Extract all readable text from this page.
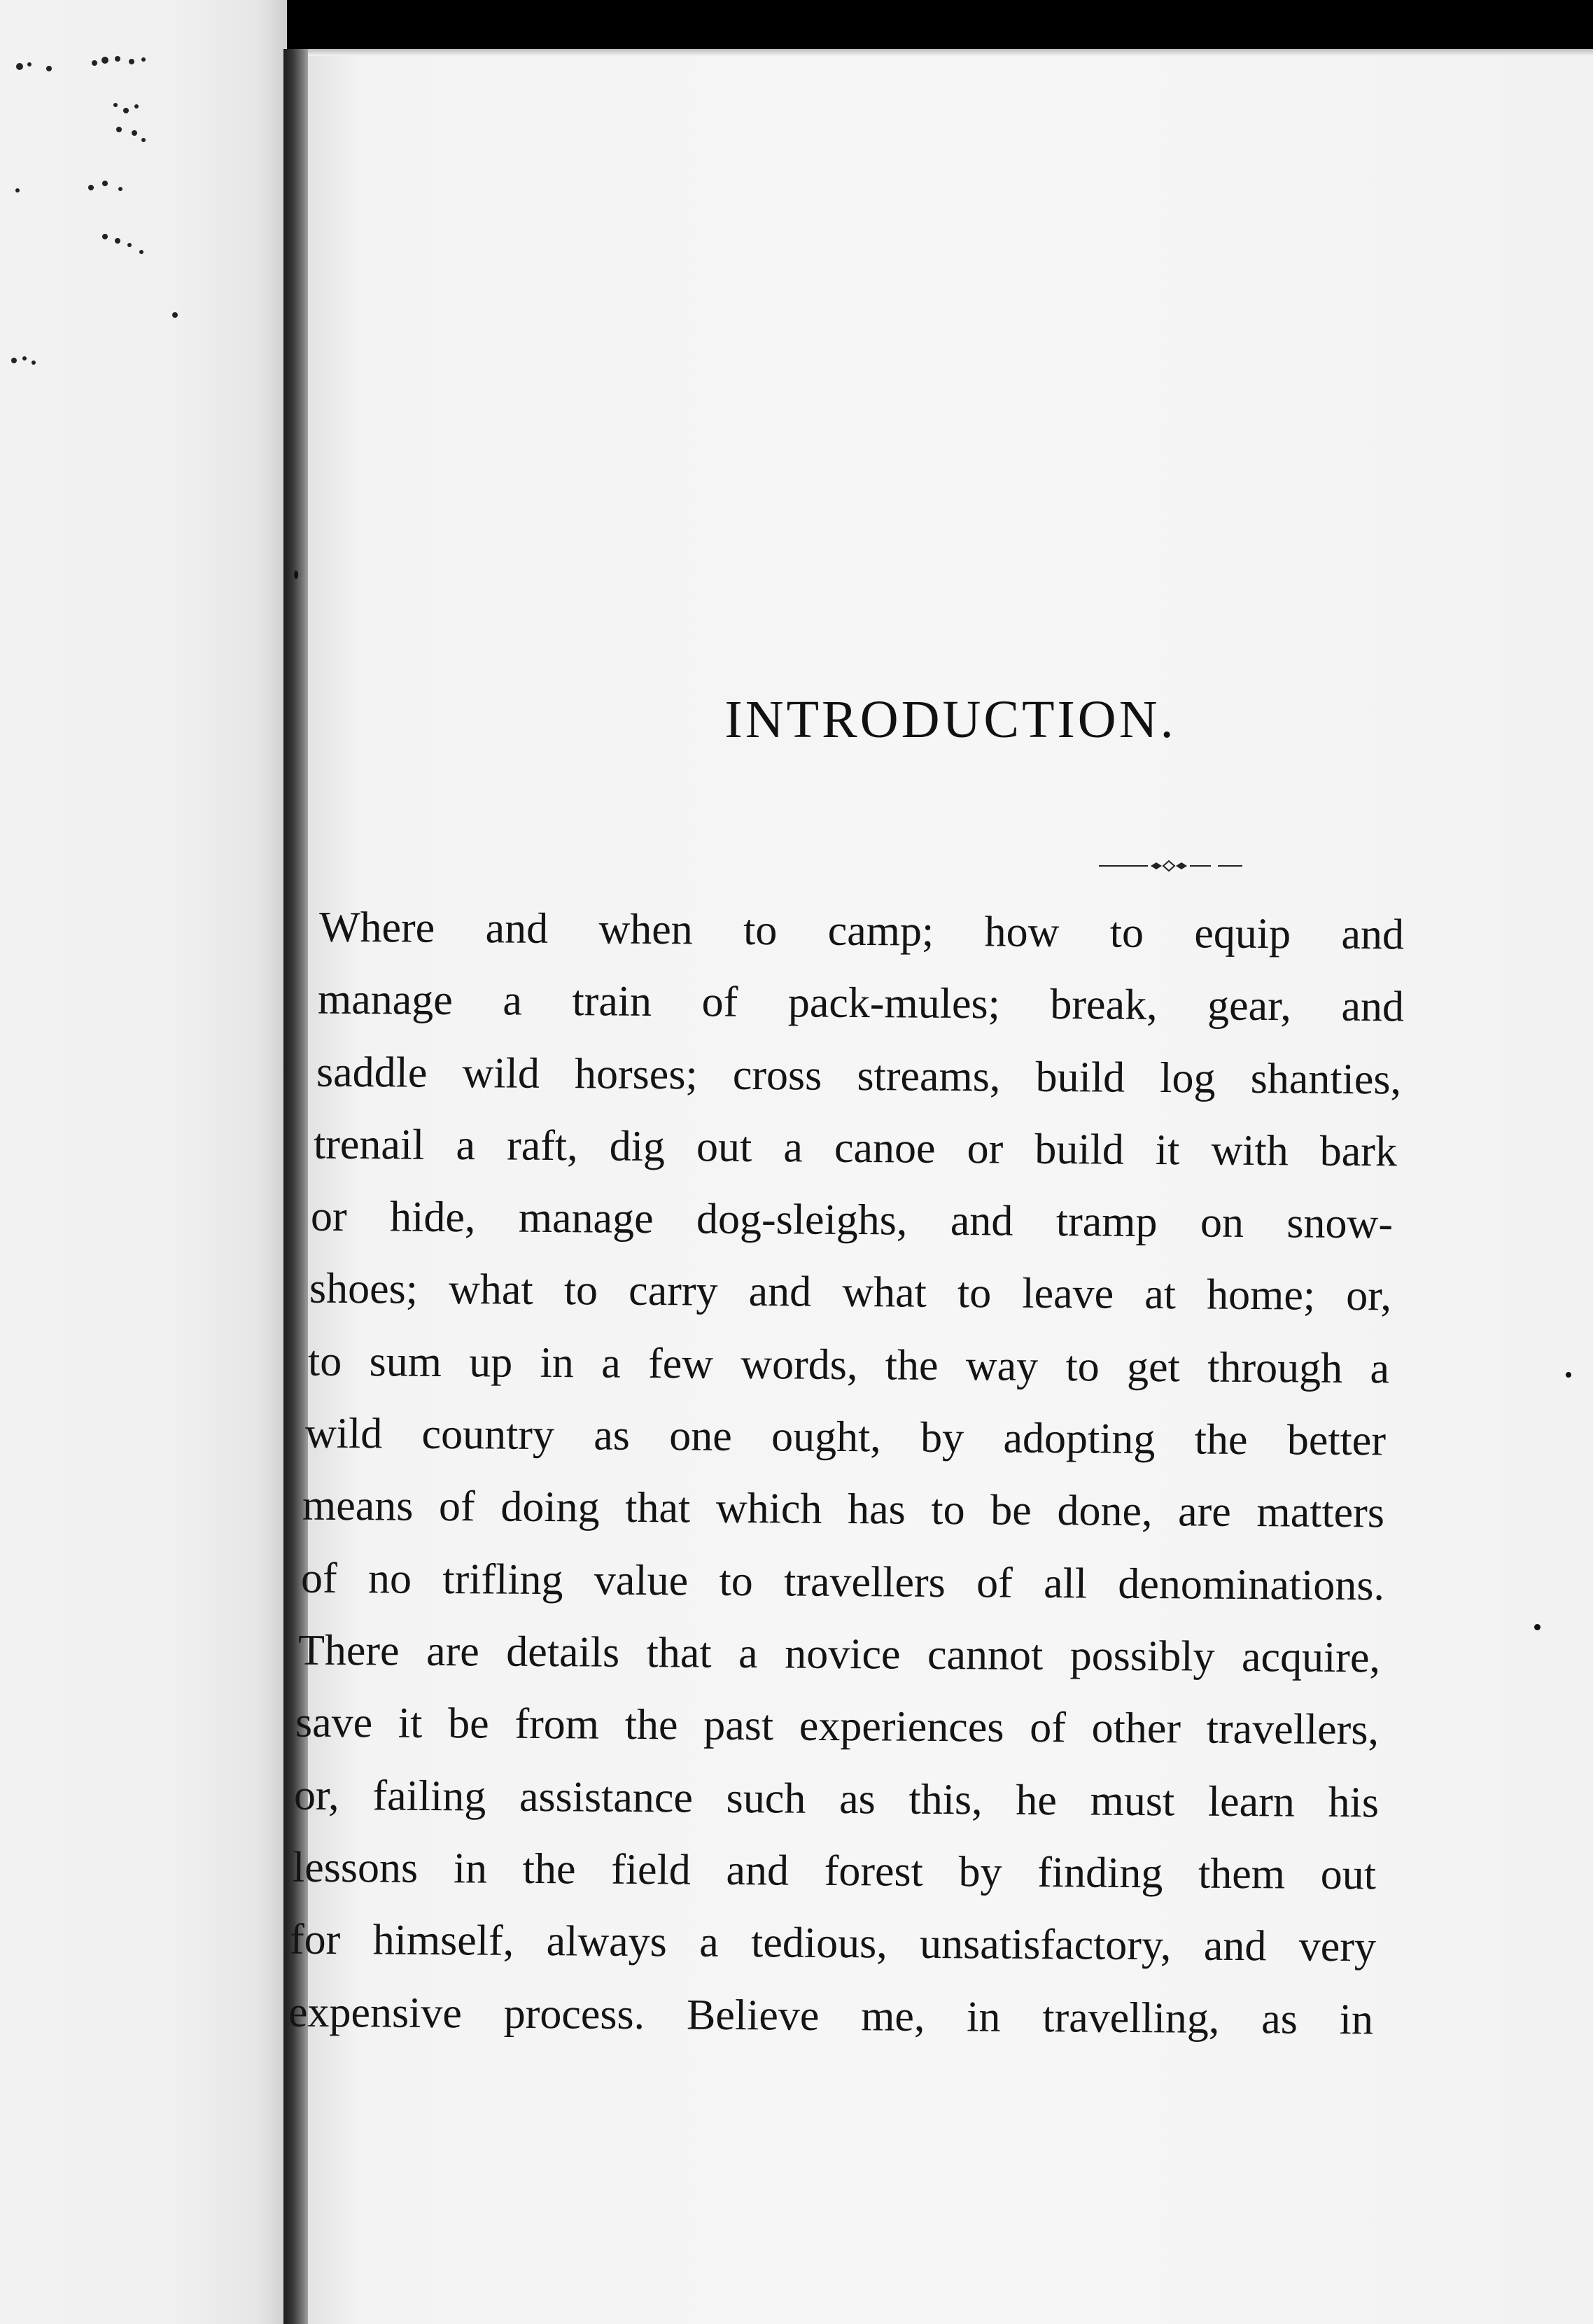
INTRODUCTION.
Where and when to camp; how to equip and
manage a train of pack-mules; break, gear, and
saddle wild horses; cross streams, build log shanties,
trenail a raft, dig out a canoe or build it with bark
or hide, manage dog-sleighs, and tramp on snow-
shoes; what to carry and what to leave at home; or,
to sum up in a few words, the way to get through a
wild country as one ought, by adopting the better
means of doing that which has to be done, are matters
of no trifling value to travellers of all denominations.
There are details that a novice cannot possibly acquire,
save it be from the past experiences of other travellers,
or, failing assistance such as this, he must learn his
lessons in the field and forest by finding them out
for himself, always a tedious, unsatisfactory, and very
expensive process. Believe me, in travelling, as in
